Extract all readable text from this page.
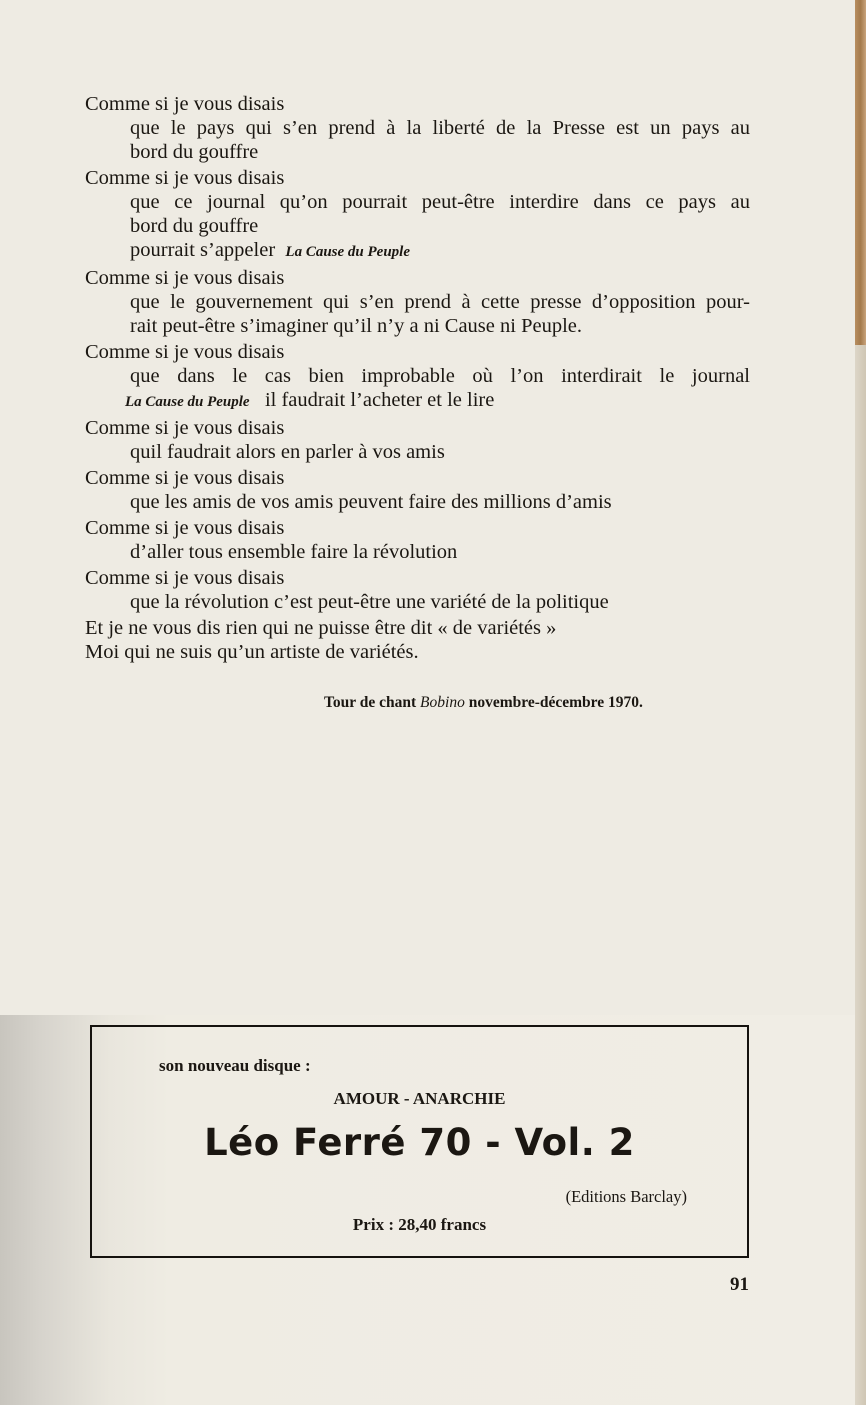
Comme si je vous disais
que le pays qui s’en prend à la liberté de la Presse est un pays au
bord du gouffre
Comme si je vous disais
que ce journal qu’on pourrait peut-être interdire dans ce pays au
bord du gouffre
pourrait s’appeler La Cause du Peuple
Comme si je vous disais
que le gouvernement qui s’en prend à cette presse d’opposition pour-
rait peut-être s’imaginer qu’il n’y a ni Cause ni Peuple.
Comme si je vous disais
que dans le cas bien improbable où l’on interdirait le journal
La Cause du Peuple il faudrait l’acheter et le lire
Comme si je vous disais
quil faudrait alors en parler à vos amis
Comme si je vous disais
que les amis de vos amis peuvent faire des millions d’amis
Comme si je vous disais
d’aller tous ensemble faire la révolution
Comme si je vous disais
que la révolution c’est peut-être une variété de la politique
Et je ne vous dis rien qui ne puisse être dit « de variétés »
Moi qui ne suis qu’un artiste de variétés.
Tour de chant Bobino novembre-décembre 1970.
son nouveau disque :
AMOUR - ANARCHIE
Léo Ferré 70 - Vol. 2
(Editions Barclay)
Prix : 28,40 francs
91
